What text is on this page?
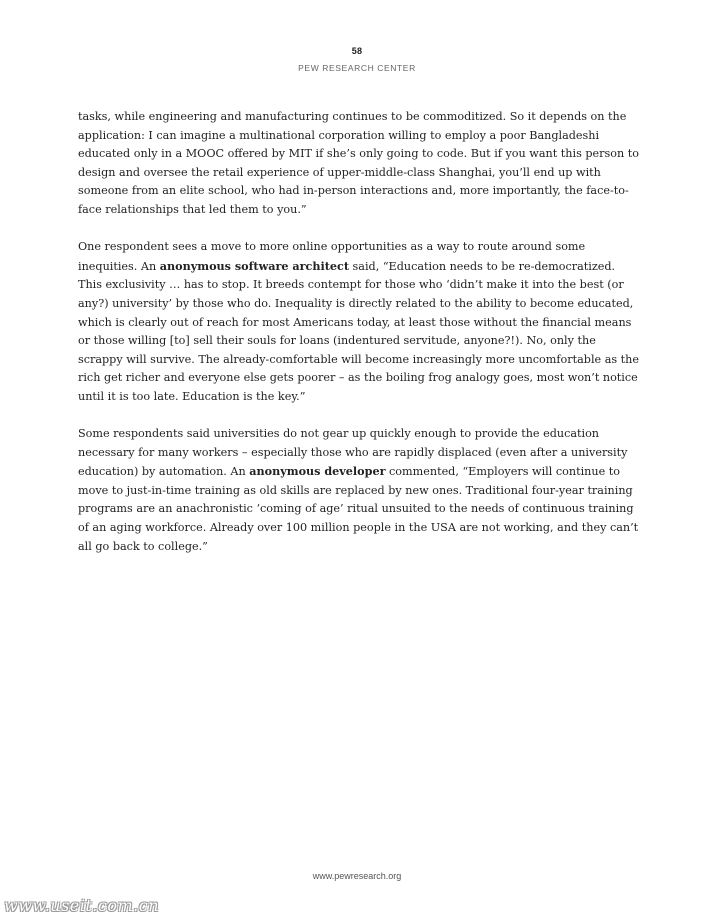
58
PEW RESEARCH CENTER

tasks, while engineering and manufacturing continues to be commoditized. So it depends on the
application: I can imagine a multinational corporation willing to employ a poor Bangladeshi
educated only in a MOOC offered by MIT if she’s only going to code. But if you want this person to
design and oversee the retail experience of upper-middle-class Shanghai, you’ll end up with
someone from an elite school, who had in-person interactions and, more importantly, the face-to-
face relationships that led them to you.”

One respondent sees a move to more online opportunities as a way to route around some
inequities. An anonymous software architect said, “Education needs to be re-democratized.
This exclusivity … has to stop. It breeds contempt for those who ‘didn’t make it into the best (or
any?) university’ by those who do. Inequality is directly related to the ability to become educated,
which is clearly out of reach for most Americans today, at least those without the financial means
or those willing [to] sell their souls for loans (indentured servitude, anyone?!). No, only the
scrappy will survive. The already-comfortable will become increasingly more uncomfortable as the
rich get richer and everyone else gets poorer – as the boiling frog analogy goes, most won’t notice
until it is too late. Education is the key.”

Some respondents said universities do not gear up quickly enough to provide the education
necessary for many workers – especially those who are rapidly displaced (even after a university
education) by automation. An anonymous developer commented, “Employers will continue to
move to just-in-time training as old skills are replaced by new ones. Traditional four-year training
programs are an anachronistic ‘coming of age’ ritual unsuited to the needs of continuous training
of an aging workforce. Already over 100 million people in the USA are not working, and they can’t
all go back to college.”

www.pewresearch.org
www.useit.com.cn
